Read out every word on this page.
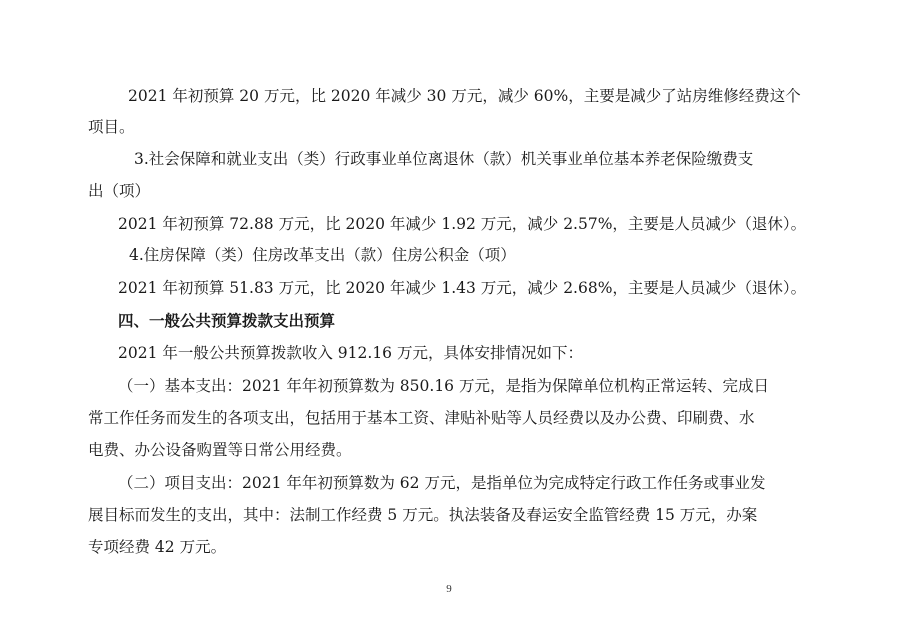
2021 年初预算 20 万元，比 2020 年减少 30 万元，减少 60%，主要是减少了站房维修经费这个
项目。
3.社会保障和就业支出（类）行政事业单位离退休（款）机关事业单位基本养老保险缴费支
出（项）
2021 年初预算 72.88 万元，比 2020 年减少 1.92 万元，减少 2.57%，主要是人员减少（退休）。
4.住房保障（类）住房改革支出（款）住房公积金（项）
2021 年初预算 51.83 万元，比 2020 年减少 1.43 万元，减少 2.68%，主要是人员减少（退休）。
四、一般公共预算拨款支出预算
2021 年一般公共预算拨款收入 912.16 万元，具体安排情况如下：
（一）基本支出：2021 年年初预算数为 850.16 万元，是指为保障单位机构正常运转、完成日
常工作任务而发生的各项支出，包括用于基本工资、津贴补贴等人员经费以及办公费、印刷费、水
电费、办公设备购置等日常公用经费。
（二）项目支出：2021 年年初预算数为 62 万元，是指单位为完成特定行政工作任务或事业发
展目标而发生的支出，其中：法制工作经费 5 万元。执法装备及春运安全监管经费 15 万元，办案
专项经费 42 万元。
9
